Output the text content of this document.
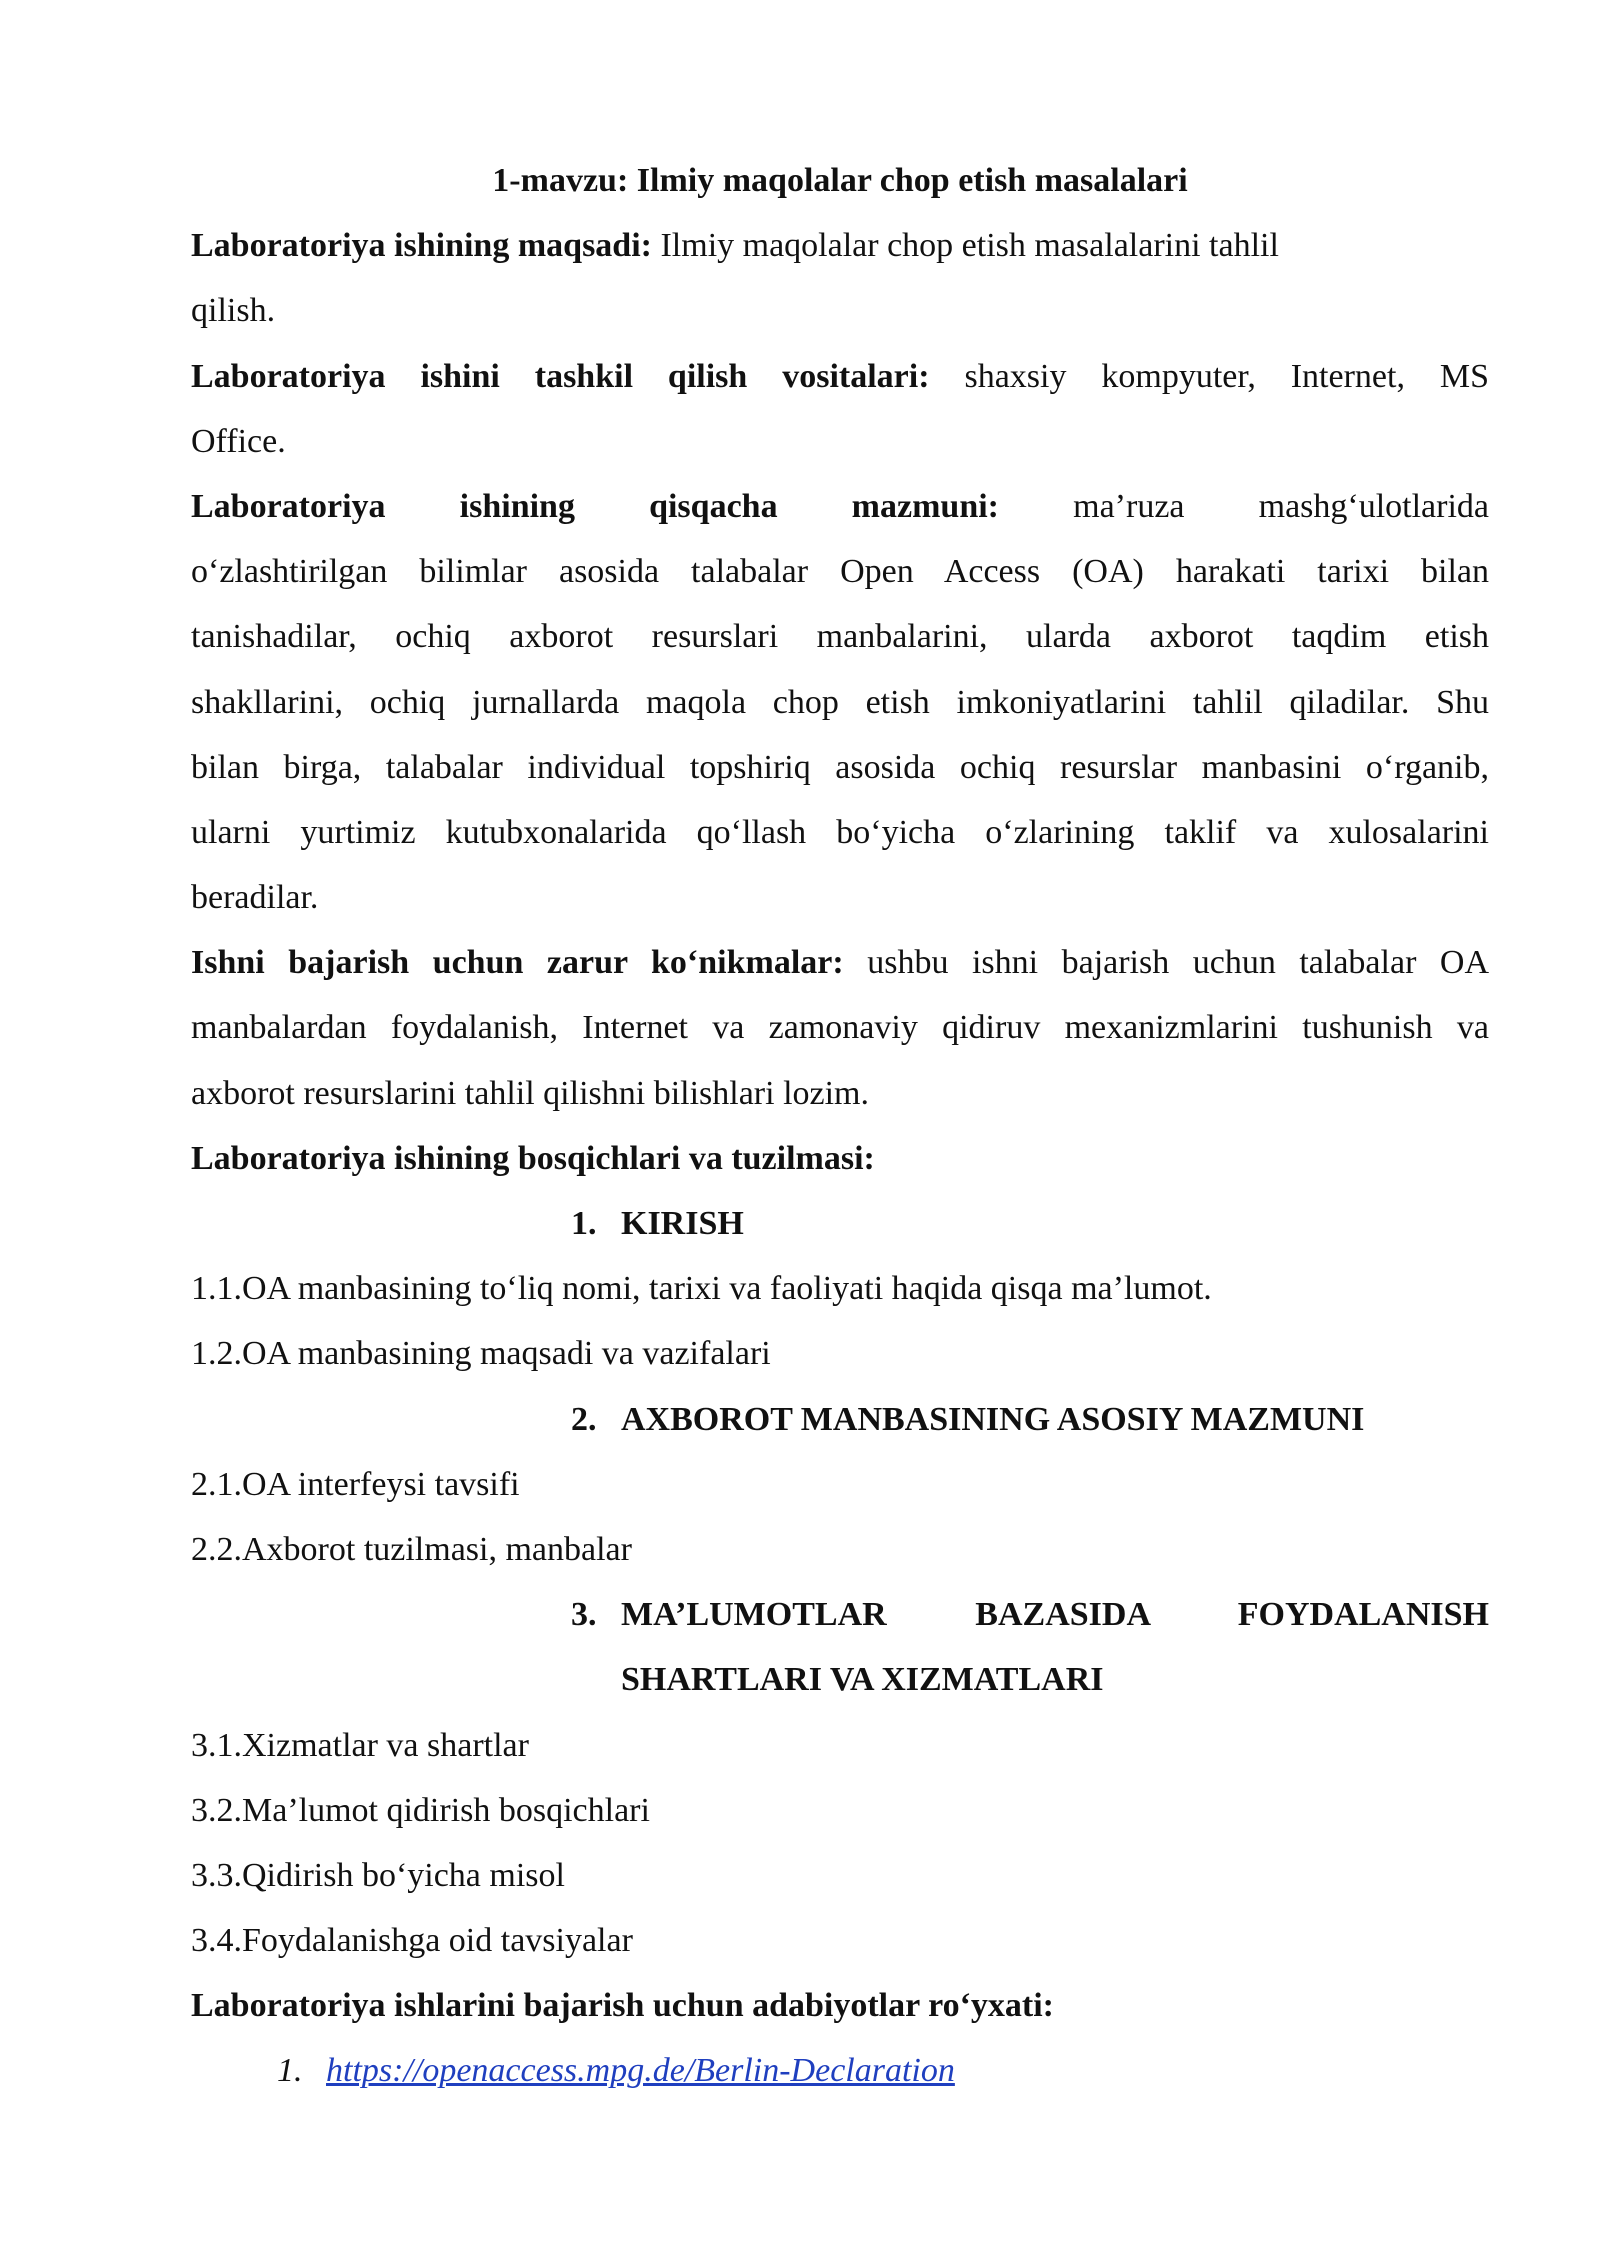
1-mavzu: Ilmiy maqolalar chop etish masalalari
Laboratoriya ishining maqsadi: Ilmiy maqolalar chop etish masalalarini tahlil
qilish.
Laboratoriya ishini tashkil qilish vositalari: shaxsiy kompyuter, Internet, MS
Office.
Laboratoriya ishining qisqacha mazmuni: ma’ruza mashg‘ulotlarida
o‘zlashtirilgan bilimlar asosida talabalar Open Access (OA) harakati tarixi bilan
tanishadilar, ochiq axborot resurslari manbalarini, ularda axborot taqdim etish
shakllarini, ochiq jurnallarda maqola chop etish imkoniyatlarini tahlil qiladilar. Shu
bilan birga, talabalar individual topshiriq asosida ochiq resurslar manbasini o‘rganib,
ularni yurtimiz kutubxonalarida qo‘llash bo‘yicha o‘zlarining taklif va xulosalarini
beradilar.
Ishni bajarish uchun zarur ko‘nikmalar: ushbu ishni bajarish uchun talabalar OA
manbalardan foydalanish, Internet va zamonaviy qidiruv mexanizmlarini tushunish va
axborot resurslarini tahlil qilishni bilishlari lozim.
Laboratoriya ishining bosqichlari va tuzilmasi:
1. KIRISH
1.1.OA manbasining to‘liq nomi, tarixi va faoliyati haqida qisqa ma’lumot.
1.2.OA manbasining maqsadi va vazifalari
2. AXBOROT MANBASINING ASOSIY MAZMUNI
2.1.OA interfeysi tavsifi
2.2.Axborot tuzilmasi, manbalar
3. MA’LUMOTLAR BAZASIDA FOYDALANISH
SHARTLARI VA XIZMATLARI
3.1.Xizmatlar va shartlar
3.2.Ma’lumot qidirish bosqichlari
3.3.Qidirish bo‘yicha misol
3.4.Foydalanishga oid tavsiyalar
Laboratoriya ishlarini bajarish uchun adabiyotlar ro‘yxati:
1. https://openaccess.mpg.de/Berlin-Declaration
